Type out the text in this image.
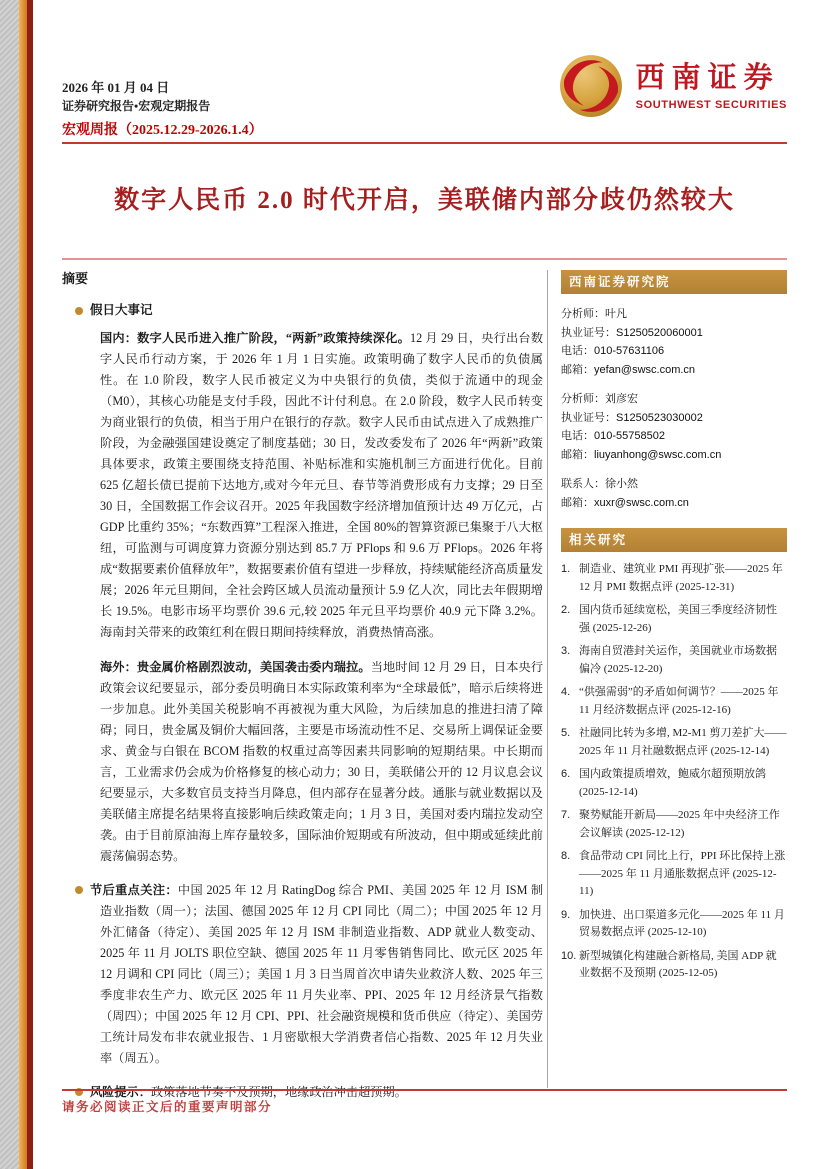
2026 年 01 月 04 日
证券研究报告•宏观定期报告
宏观周报（2025.12.29-2026.1.4）
西南证券
SOUTHWEST SECURITIES
数字人民币 2.0 时代开启，美联储内部分歧仍然较大
摘要
假日大事记

国内：数字人民币进入推广阶段，“两新”政策持续深化。12 月 29 日，央行出台数字人民币行动方案，于 2026 年 1 月 1 日实施。政策明确了数字人民币的负债属性。在 1.0 阶段，数字人民币被定义为中央银行的负债，类似于流通中的现金（M0），其核心功能是支付手段，因此不计付利息。在 2.0 阶段，数字人民币转变为商业银行的负债，相当于用户在银行的存款。数字人民币由试点进入了成熟推广阶段，为金融强国建设奠定了制度基础；30 日，发改委发布了 2026 年“两新”政策具体要求，政策主要围绕支持范围、补贴标准和实施机制三方面进行优化。目前 625 亿超长债已提前下达地方,或对今年元旦、春节等消费形成有力支撑；29 日至 30 日，全国数据工作会议召开。2025 年我国数字经济增加值预计达 49 万亿元，占 GDP 比重约 35%；“东数西算”工程深入推进，全国 80%的智算资源已集聚于八大枢纽，可监测与可调度算力资源分别达到 85.7 万 PFlops 和 9.6 万 PFlops。2026 年将成“数据要素价值释放年”，数据要素价值有望进一步释放，持续赋能经济高质量发展；2026 年元旦期间，全社会跨区域人员流动量预计 5.9 亿人次，同比去年假期增长 19.5%。电影市场平均票价 39.6 元,较 2025 年元旦平均票价 40.9 元下降 3.2%。海南封关带来的政策红利在假日期间持续释放，消费热情高涨。

海外：贵金属价格剧烈波动，美国袭击委内瑞拉。当地时间 12 月 29 日，日本央行政策会议纪要显示，部分委员明确日本实际政策利率为“全球最低”，暗示后续将进一步加息。此外美国关税影响不再被视为重大风险，为后续加息的推进扫清了障碍；同日，贵金属及铜价大幅回落，主要是市场流动性不足、交易所上调保证金要求、黄金与白银在 BCOM 指数的权重过高等因素共同影响的短期结果。中长期而言，工业需求仍会成为价格修复的核心动力；30 日，美联储公开的 12 月议息会议纪要显示，大多数官员支持当月降息，但内部存在显著分歧。通胀与就业数据以及美联储主席提名结果将直接影响后续政策走向；1 月 3 日，美国对委内瑞拉发动空袭。由于目前原油海上库存量较多，国际油价短期或有所波动，但中期或延续此前震荡偏弱态势。

节后重点关注：中国 2025 年 12 月 RatingDog 综合 PMI、美国 2025 年 12 月 ISM 制造业指数（周一）；法国、德国 2025 年 12 月 CPI 同比（周二）；中国 2025 年 12 月外汇储备（待定）、美国 2025 年 12 月 ISM 非制造业指数、ADP 就业人数变动、2025 年 11 月 JOLTS 职位空缺、德国 2025 年 11 月零售销售同比、欧元区 2025 年 12 月调和 CPI 同比（周三）；美国 1 月 3 日当周首次申请失业救济人数、2025 年三季度非农生产力、欧元区 2025 年 11 月失业率、PPI、2025 年 12 月经济景气指数（周四）；中国 2025 年 12 月 CPI、PPI、社会融资规模和货币供应（待定）、美国劳工统计局发布非农就业报告、1 月密歇根大学消费者信心指数、2025 年 12 月失业率（周五）。

风险提示：政策落地节奏不及预期，地缘政治冲击超预期。

西南证券研究院
分析师：叶凡
执业证号：S1250520060001
电话：010-57631106
邮箱：yefan@swsc.com.cn
分析师：刘彦宏
执业证号：S1250523030002
电话：010-55758502
邮箱：liuyanhong@swsc.com.cn
联系人：徐小然
邮箱：xuxr@swsc.com.cn
相关研究
1. 制造业、建筑业 PMI 再现扩张——2025 年 12 月 PMI 数据点评 (2025-12-31)
2. 国内货币延续宽松，美国三季度经济韧性强 (2025-12-26)
3. 海南自贸港封关运作，美国就业市场数据偏冷 (2025-12-20)
4. “供强需弱”的矛盾如何调节？——2025 年 11 月经济数据点评 (2025-12-16)
5. 社融同比转为多增, M2-M1 剪刀差扩大——2025 年 11 月社融数据点评 (2025-12-14)
6. 国内政策提质增效，鲍威尔超预期放鸽 (2025-12-14)
7. 聚势赋能开新局——2025 年中央经济工作会议解读 (2025-12-12)
8. 食品带动 CPI 同比上行，PPI 环比保持上涨——2025 年 11 月通胀数据点评 (2025-12-11)
9. 加快进、出口渠道多元化——2025 年 11 月贸易数据点评 (2025-12-10)
10. 新型城镇化构建融合新格局, 美国 ADP 就业数据不及预期 (2025-12-05)
请务必阅读正文后的重要声明部分
